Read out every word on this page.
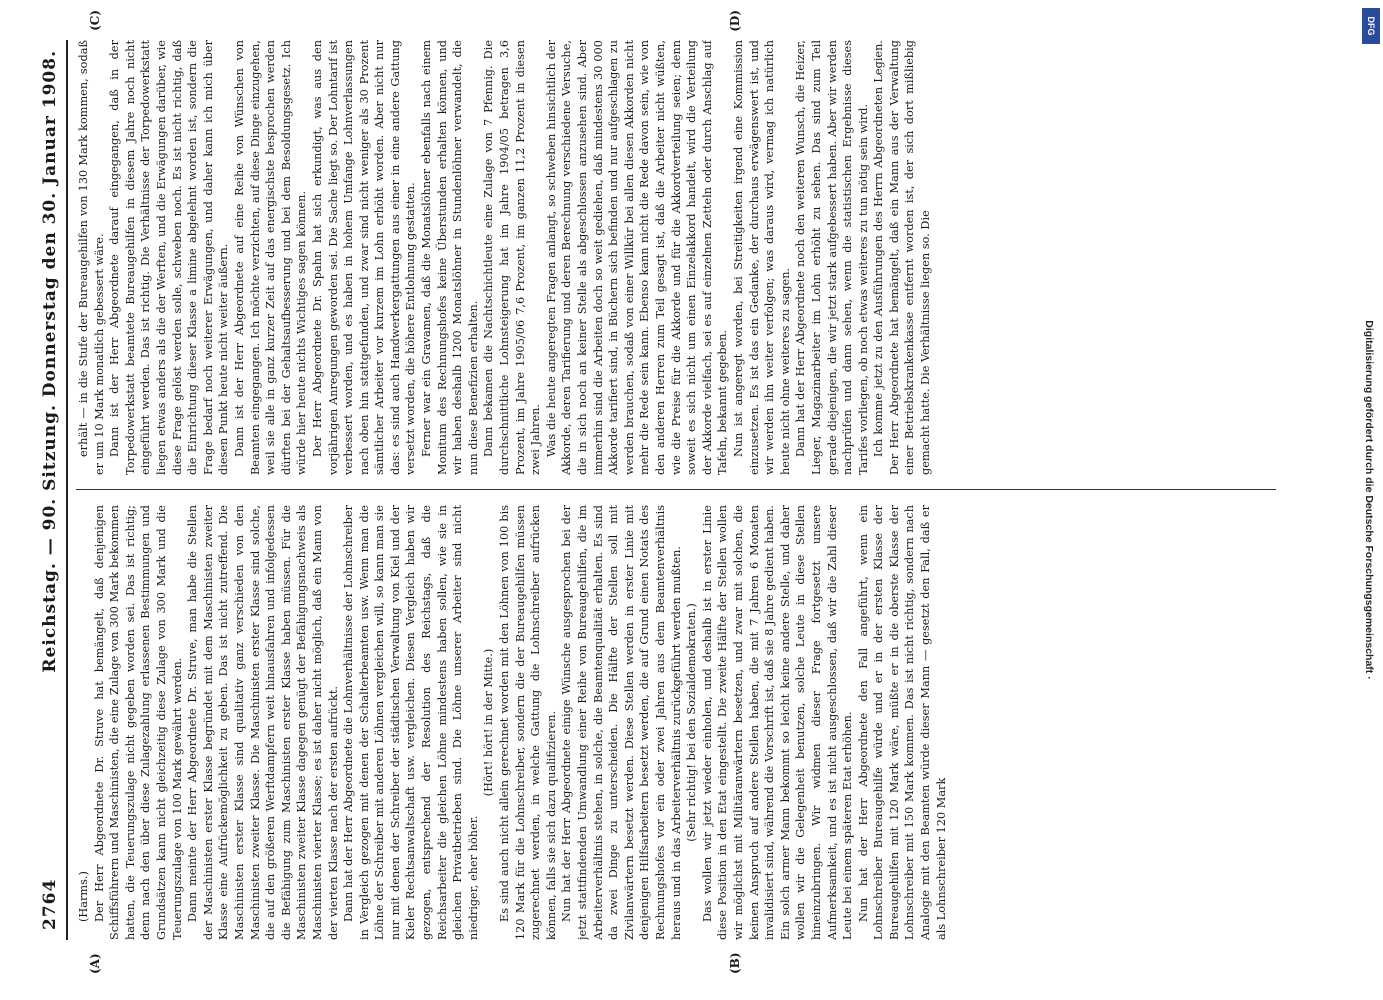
2764
Reichstag. — 90. Sitzung. Donnerstag den 30. Januar 1908.

(Harms.) Der Herr Abgeordnete Dr. Struve hat bemängelt, daß denjenigen Schiffsführern und Maschinisten, die eine Zulage von 300 Mark bekommen hatten, die Teuerungszulage nicht gegeben worden sei. Das ist richtig; denn nach den über diese Zulagezahlung erlassenen Bestimmungen und Grundsätzen kann nicht gleichzeitig diese Zulage von 300 Mark und die Teuerungszulage von 100 Mark gewährt werden. Dann meinte der Herr Abgeordnete Dr. Struve, man habe die Stellen der Maschinisten erster Klasse begründet mit dem Maschinisten zweiter Klasse eine Aufrückemöglichkeit zu geben. Das ist nicht zutreffend. Die Maschinisten erster Klasse sind qualitativ ganz verschieden von den Maschinisten zweiter Klasse. Die Maschinisten erster Klasse sind solche, die auf den größeren Werftdampfern weit hinausfahren und infolgedessen die Befähigung zum Maschinisten erster Klasse haben müssen. Für die Maschinisten zweiter Klasse dagegen genügt der Befähigungsnachweis als Maschinisten vierter Klasse; es ist daher nicht möglich, daß ein Mann von der vierten Klasse nach der ersten aufrückt. Dann hat der Herr Abgeordnete die Lohnverhältnisse der Lohnschreiber in Vergleich gezogen mit denen der Schalterbeamten usw. Wenn man die Löhne der Schreiber mit anderen Löhnen vergleichen will, so kann man sie nur mit denen der Schreiber der städtischen Verwaltung von Kiel und der Kieler Rechtsanwaltschaft usw. vergleichen. Diesen Vergleich haben wir gezogen, entsprechend der Resolution des Reichstags, daß die Reichsarbeiter die gleichen Löhne mindestens haben sollen, wie sie in gleichen Privatbetrieben sind. Die Löhne unserer Arbeiter sind nicht niedriger, eher höher.

(Hört! hört! in der Mitte.) Es sind auch nicht allein gerechnet worden mit den Löhnen von 100 bis 120 Mark für die Lohnschreiber, sondern die der Bureaugehilfen müssen zugerechnet werden, in welche Gattung die Lohnschreiber aufrücken können, falls sie sich dazu qualifizieren. Nun hat der Herr Abgeordnete einige Wünsche ausgesprochen bei der jetzt stattfindenden Umwandlung einer Reihe von Bureaugehilfen, die im Arbeiterverhältnis stehen, in solche, die Beamtenqualität erhalten. Es sind da zwei Dinge zu unterscheiden. Die Hälfte der Stellen soll mit Zivilanwärtern besetzt werden. Diese Stellen werden in erster Linie mit denjenigen Hilfsarbeitern besetzt werden, die auf Grund einen Notats des Rechnungshofes vor ein oder zwei Jahren aus dem Beamtenverhältnis heraus und in das Arbeiterverhältnis zurückgeführt werden mußten. (Sehr richtig! bei den Sozialdemokraten.) Das wollen wir jetzt wieder einholen, und deshalb ist in erster Linie diese Position in den Etat eingestellt. Die zweite Hälfte der Stellen wollen wir möglichst mit Militäranwärtern besetzen, und zwar mit solchen, die keinen Anspruch auf andere Stellen haben, die mit 7 Jahren 6 Monaten invalidisiert sind, während die Vorschrift ist, daß sie 8 Jahre gedient haben. Ein solch armer Mann bekommt so leicht keine andere Stelle, und daher wollen wir die Gelegenheit benutzen, solche Leute in diese Stellen hineinzubringen. Wir widmen dieser Frage fortgesetzt unsere Aufmerksamkeit, und es ist nicht ausgeschlossen, daß wir die Zahl dieser Leute bei einem späteren Etat erhöhen. Nun hat der Herr Abgeordnete den Fall angeführt, wenn ein Lohnschreiber Bureaugehilfe würde und er in der ersten Klasse der Bureaugehilfen mit 120 Mark wäre, müßte er in die oberste Klasse der Lohnschreiber mit 150 Mark kommen. Das ist nicht richtig, sondern nach Analogie mit den Beamten würde dieser Mann — gesetzt den Fall, daß er als Lohnschreiber 120 Mark

erhält — in die Stufe der Bureaugehilfen von 130 Mark kommen, sodaß er um 10 Mark monatlich gebessert wäre. Dann ist der Herr Abgeordnete darauf eingegangen, daß in der Torpedowerkstatt beamtete Bureaugehilfen in diesem Jahre noch nicht eingeführt werden. Das ist richtig. Die Verhältnisse der Torpedowerkstatt liegen etwas anders als die der Werften, und die Erwägungen darüber, wie diese Frage gelöst werden solle, schweben noch. Es ist nicht richtig, daß die Einrichtung dieser Klasse a limine abgelehnt worden ist, sondern die Frage bedarf noch weiterer Erwägungen, und daher kann ich mich über diesen Punkt heute nicht weiter äußern. Dann ist der Herr Abgeordnete auf eine Reihe von Wünschen von Beamten eingegangen. Ich möchte verzichten, auf diese Dinge einzugehen, weil sie alle in ganz kurzer Zeit auf das energischste besprochen werden dürften bei der Gehaltsaufbesserung und bei dem Besoldungsgesetz. Ich würde hier heute nichts Wichtiges sagen können. Der Herr Abgeordnete Dr. Spahn hat sich erkundigt, was aus den vorjährigen Anregungen geworden sei. Die Sache liegt so. Der Lohntarif ist verbessert worden, und es haben in hohem Umfange Lohnverlassungen nach oben hin stattgefunden, und zwar sind nicht weniger als 30 Prozent sämtlicher Arbeiter vor kurzem im Lohn erhöht worden. Aber nicht nur das: es sind auch Handwerkergattungen aus einer in eine andere Gattung versetzt worden, die höhere Entlohnung gestatten. Ferner war ein Gravamen, daß die Monatslöhner ebenfalls nach einem Monitum des Rechnungshofes keine Überstunden erhalten können, und wir haben deshalb 1200 Monatslöhner in Stundenlöhner verwandelt, die nun diese Benefizien erhalten. Dann bekamen die Nachtschichtleute eine Zulage von 7 Pfennig. Die durchschnittliche Lohnsteigerung hat im Jahre 1904/05 betragen 3,6 Prozent, im Jahre 1905/06 7,6 Prozent, im ganzen 11,2 Prozent in diesen zwei Jahren. Was die heute angeregten Fragen anlangt, so schweben hinsichtlich der Akkorde, deren Tarifierung und deren Berechnung verschiedene Versuche, die in sich noch an keiner Stelle als abgeschlossen anzusehen sind. Aber immerhin sind die Arbeiten doch so weit gediehen, daß mindestens 30 000 Akkorde tarifiert sind, in Büchern sich befinden und nur aufgeschlagen zu werden brauchen, sodaß von einer Willkür bei allen diesen Akkorden nicht mehr die Rede sein kann. Ebenso kann nicht die Rede davon sein, wie von den anderen Herren zum Teil gesagt ist, daß die Arbeiter nicht wüßten, wie die Preise für die Akkorde und für die Akkordverteilung seien; denn soweit es sich nicht um einen Einzelakkord handelt, wird die Verteilung der Akkorde vielfach, sei es auf einzelnen Zetteln oder durch Anschlag auf Tafeln, bekannt gegeben. Nun ist angeregt worden, bei Streitigkeiten irgend eine Kommission einzusetzen. Es ist das ein Gedanke, der durchaus erwägenswert ist, und wir werden ihn weiter verfolgen; was daraus wird, vermag ich natürlich heute nicht ohne weiteres zu sagen. Dann hat der Herr Abgeordnete noch den weiteren Wunsch, die Heizer, Lieger, Magazinarbeiter im Lohn erhöht zu sehen. Das sind zum Teil gerade diejenigen, die wir jetzt stark aufgebessert haben. Aber wir werden nachprüfen und dann sehen, wenn die statistischen Ergebnisse dieses Tarifes vorliegen, ob noch etwas weiteres zu tun nötig sein wird. Ich komme jetzt zu den Ausführungen des Herrn Abgeordneten Legien. Der Herr Abgeordnete hat bemängelt, daß ein Mann aus der Verwaltung einer Betriebskrankenkasse entfernt worden ist, der sich dort mißliebig gemacht hatte. Die Verhältnisse liegen so. Die

(A)	(B)
(C)	(D)	DFG
Digitalisierung gefördert durch die Deutsche Forschungsgemeinschaft ·
